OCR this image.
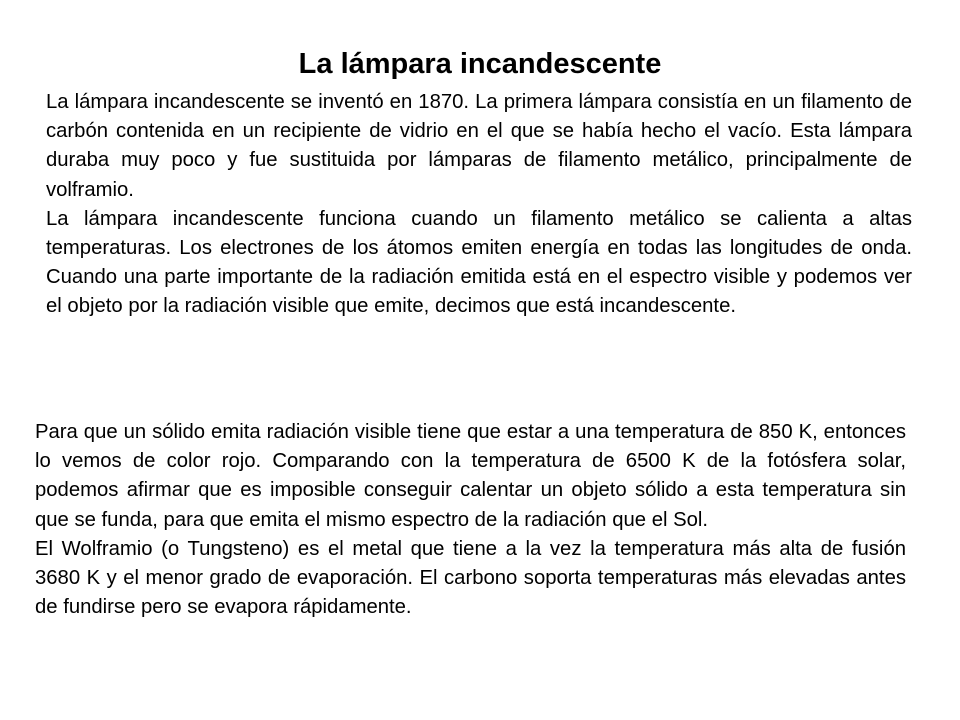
La lámpara incandescente

La lámpara incandescente se inventó en 1870. La primera lámpara consistía en un filamento de carbón contenida en un recipiente de vidrio en el que se había hecho el vacío. Esta lámpara duraba muy poco y fue sustituida por lámparas de filamento metálico, principalmente de volframio.

La lámpara incandescente funciona cuando un filamento metálico se calienta a altas temperaturas. Los electrones de los átomos emiten energía en todas las longitudes de onda. Cuando una parte importante de la radiación emitida está en el espectro visible y podemos ver el objeto por la radiación visible que emite, decimos que está incandescente.

Para que un sólido emita radiación visible tiene que estar a una temperatura de 850 K, entonces lo vemos de color rojo. Comparando con la temperatura de 6500 K de la fotósfera solar, podemos afirmar que es imposible conseguir calentar un objeto sólido a esta temperatura sin que se funda, para que emita el mismo espectro de la radiación que el Sol.

El Wolframio (o Tungsteno) es el metal que tiene a la vez la temperatura más alta de fusión 3680 K y el menor grado de evaporación. El carbono soporta temperaturas más elevadas antes de fundirse pero se evapora rápidamente.
